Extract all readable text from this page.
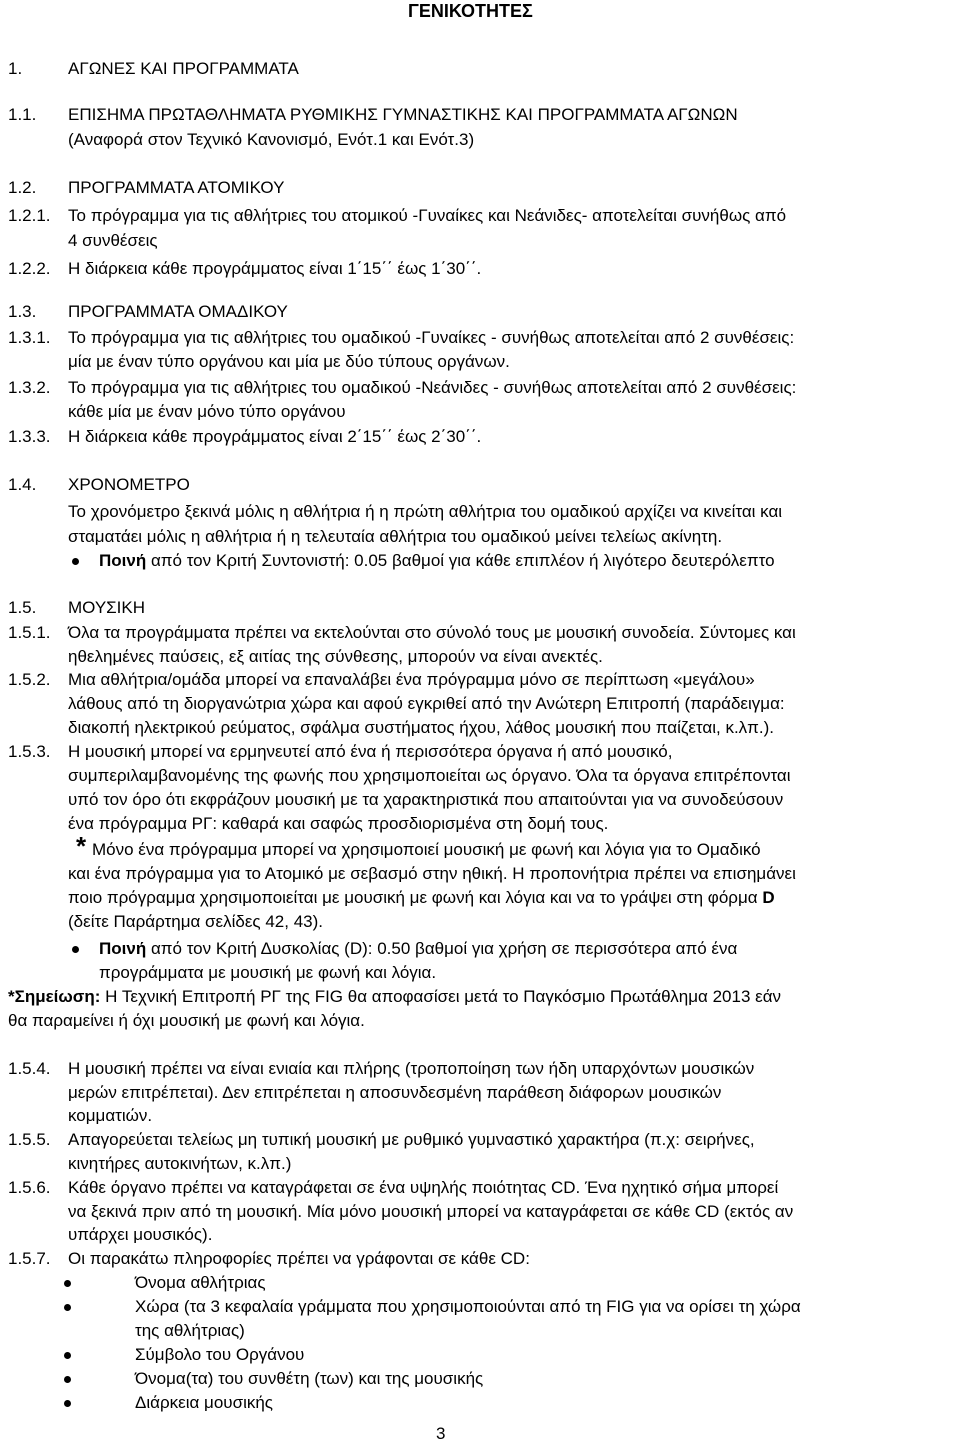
ΓΕΝΙΚΟΤΗΤΕΣ
1.	ΑΓΩΝΕΣ ΚΑΙ ΠΡΟΓΡΑΜΜΑΤΑ
1.1. ΕΠΙΣΗΜΑ ΠΡΩΤΑΘΛΗΜΑΤΑ ΡΥΘΜΙΚΗΣ ΓΥΜΝΑΣΤΙΚΗΣ ΚΑΙ ΠΡΟΓΡΑΜΜΑΤΑ ΑΓΩΝΩΝ
(Αναφορά στον Τεχνικό Κανονισμό, Ενότ.1 και Ενότ.3)
1.2. ΠΡΟΓΡΑΜΜΑΤΑ ΑΤΟΜΙΚΟΥ
1.2.1. Το πρόγραμμα για τις αθλήτριες του ατομικού -Γυναίκες και Νεάνιδες- αποτελείται συνήθως από
4 συνθέσεις
1.2.2. Η διάρκεια κάθε προγράμματος είναι 1΄15΄΄ έως 1΄30΄΄.
1.3. ΠΡΟΓΡΑΜΜΑΤΑ ΟΜΑΔΙΚΟΥ
1.3.1. Το πρόγραμμα για τις αθλήτριες του ομαδικού -Γυναίκες - συνήθως αποτελείται από 2 συνθέσεις:
μία με έναν τύπο οργάνου και μία με δύο τύπους οργάνων.
1.3.2. Το πρόγραμμα για τις αθλήτριες του ομαδικού -Νεάνιδες - συνήθως αποτελείται από 2 συνθέσεις:
κάθε μία με έναν μόνο τύπο οργάνου
1.3.3. Η διάρκεια κάθε προγράμματος είναι 2΄15΄΄ έως 2΄30΄΄.
1.4. ΧΡΟΝΟΜΕΤΡΟ
Το χρονόμετρο ξεκινά μόλις η αθλήτρια ή η πρώτη αθλήτρια του ομαδικού αρχίζει να κινείται και
σταματάει μόλις η αθλήτρια ή η τελευταία αθλήτρια του ομαδικού μείνει τελείως ακίνητη.
Ποινή από τον Κριτή Συντονιστή: 0.05 βαθμοί για κάθε επιπλέον ή λιγότερο δευτερόλεπτο
1.5. ΜΟΥΣΙΚΗ
1.5.1. Όλα τα προγράμματα πρέπει να εκτελούνται στο σύνολό τους με μουσική συνοδεία. Σύντομες και
ηθελημένες παύσεις, εξ αιτίας της σύνθεσης, μπορούν να είναι ανεκτές.
1.5.2. Μια αθλήτρια/ομάδα μπορεί να επαναλάβει ένα πρόγραμμα μόνο σε περίπτωση «μεγάλου»
λάθους από τη διοργανώτρια χώρα και αφού εγκριθεί από την Ανώτερη Επιτροπή (παράδειγμα:
διακοπή ηλεκτρικού ρεύματος, σφάλμα συστήματος ήχου, λάθος μουσική που παίζεται, κ.λπ.).
1.5.3. Η μουσική μπορεί να ερμηνευτεί από ένα ή περισσότερα όργανα ή από μουσικό,
συμπεριλαμβανομένης της φωνής που χρησιμοποιείται ως όργανο. Όλα τα όργανα επιτρέπονται
υπό τον όρο ότι εκφράζουν μουσική με τα χαρακτηριστικά που απαιτούνται για να συνοδεύσουν
ένα πρόγραμμα ΡΓ: καθαρά και σαφώς προσδιορισμένα στη δομή τους.
* Μόνο ένα πρόγραμμα μπορεί να χρησιμοποιεί μουσική με φωνή και λόγια για το Ομαδικό
και ένα πρόγραμμα για το Ατομικό με σεβασμό στην ηθική. Η προπονήτρια πρέπει να επισημάνει
ποιο πρόγραμμα χρησιμοποιείται με μουσική με φωνή και λόγια και να το γράψει στη φόρμα D
(δείτε Παράρτημα σελίδες 42, 43).
Ποινή από τον Κριτή Δυσκολίας (D): 0.50 βαθμοί για χρήση σε περισσότερα από ένα
προγράμματα με μουσική με φωνή και λόγια.
*Σημείωση: Η Τεχνική Επιτροπή ΡΓ της FIG θα αποφασίσει μετά το Παγκόσμιο Πρωτάθλημα 2013 εάν
θα παραμείνει ή όχι μουσική με φωνή και λόγια.
1.5.4. Η μουσική πρέπει να είναι ενιαία και πλήρης (τροποποίηση των ήδη υπαρχόντων μουσικών
μερών επιτρέπεται). Δεν επιτρέπεται η αποσυνδεσμένη παράθεση διάφορων μουσικών
κομματιών.
1.5.5. Απαγορεύεται τελείως μη τυπική μουσική με ρυθμικό γυμναστικό χαρακτήρα (π.χ: σειρήνες,
κινητήρες αυτοκινήτων, κ.λπ.)
1.5.6. Κάθε όργανο πρέπει να καταγράφεται σε ένα υψηλής ποιότητας CD. Ένα ηχητικό σήμα μπορεί
να ξεκινά πριν από τη μουσική. Μία μόνο μουσική μπορεί να καταγράφεται σε κάθε CD (εκτός αν
υπάρχει μουσικός).
1.5.7. Οι παρακάτω πληροφορίες πρέπει να γράφονται σε κάθε CD:
Όνομα αθλήτριας
Χώρα (τα 3 κεφαλαία γράμματα που χρησιμοποιούνται από τη FIG για να ορίσει τη χώρα
της αθλήτριας)
Σύμβολο του Οργάνου
Όνομα(τα) του συνθέτη (των) και της μουσικής
Διάρκεια μουσικής
3
